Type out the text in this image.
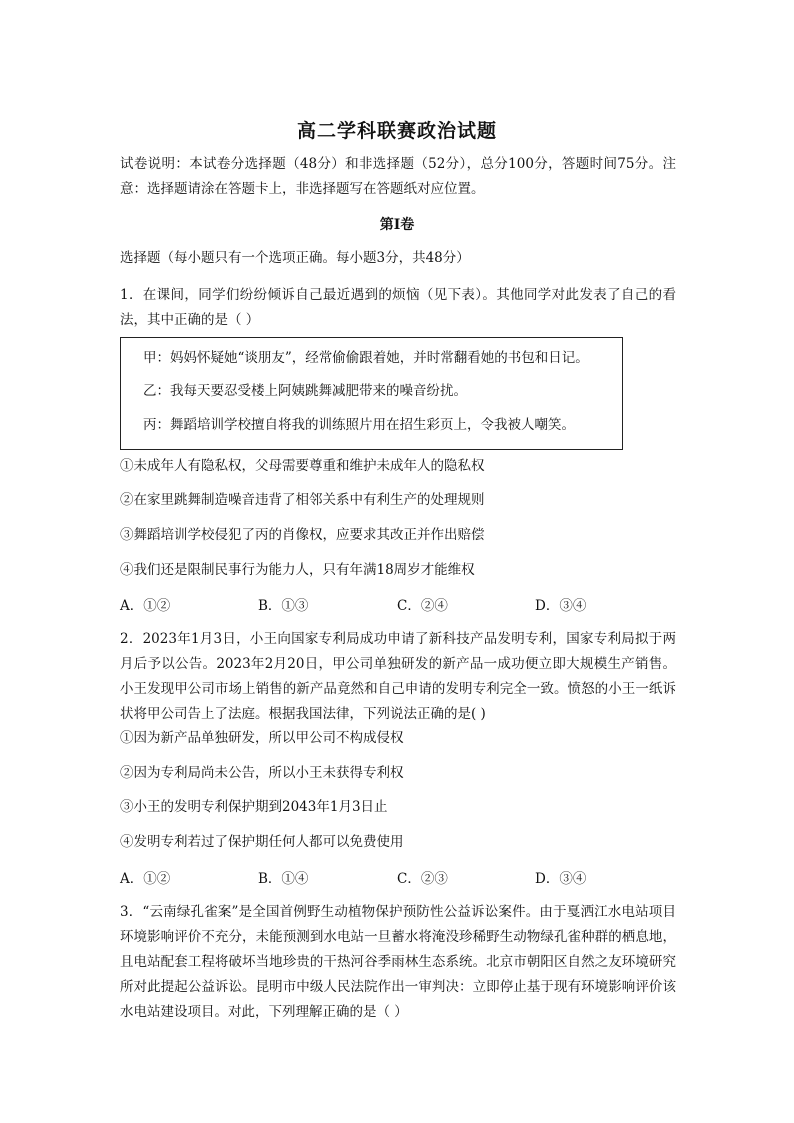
高二学科联赛政治试题
试卷说明：本试卷分选择题（48分）和非选择题（52分），总分100分，答题时间75分。注意：选择题请涂在答题卡上，非选择题写在答题纸对应位置。
第Ⅰ卷
选择题（每小题只有一个选项正确。每小题3分，共48分）
1．在课间，同学们纷纷倾诉自己最近遇到的烦恼（见下表）。其他同学对此发表了自己的看法，其中正确的是（ ）
甲：妈妈怀疑她“谈朋友”，经常偷偷跟着她，并时常翻看她的书包和日记。
乙：我每天要忍受楼上阿姨跳舞减肥带来的噪音纷扰。
丙：舞蹈培训学校擅自将我的训练照片用在招生彩页上，令我被人嘲笑。
①未成年人有隐私权，父母需要尊重和维护未成年人的隐私权
②在家里跳舞制造噪音违背了相邻关系中有利生产的处理规则
③舞蹈培训学校侵犯了丙的肖像权，应要求其改正并作出赔偿
④我们还是限制民事行为能力人，只有年满18周岁才能维权
A．①②	B．①③	C．②④	D．③④
2．2023年1月3日，小王向国家专利局成功申请了新科技产品发明专利，国家专利局拟于两月后予以公告。2023年2月20日，甲公司单独研发的新产品一成功便立即大规模生产销售。小王发现甲公司市场上销售的新产品竟然和自己申请的发明专利完全一致。愤怒的小王一纸诉状将甲公司告上了法庭。根据我国法律，下列说法正确的是( )
①因为新产品单独研发，所以甲公司不构成侵权
②因为专利局尚未公告，所以小王未获得专利权
③小王的发明专利保护期到2043年1月3日止
④发明专利若过了保护期任何人都可以免费使用
A．①②	B．①④	C．②③	D．③④
3．“云南绿孔雀案”是全国首例野生动植物保护预防性公益诉讼案件。由于戛洒江水电站项目环境影响评价不充分，未能预测到水电站一旦蓄水将淹没珍稀野生动物绿孔雀种群的栖息地，且电站配套工程将破坏当地珍贵的干热河谷季雨林生态系统。北京市朝阳区自然之友环境研究所对此提起公益诉讼。昆明市中级人民法院作出一审判决：立即停止基于现有环境影响评价该水电站建设项目。对此，下列理解正确的是（ ）
